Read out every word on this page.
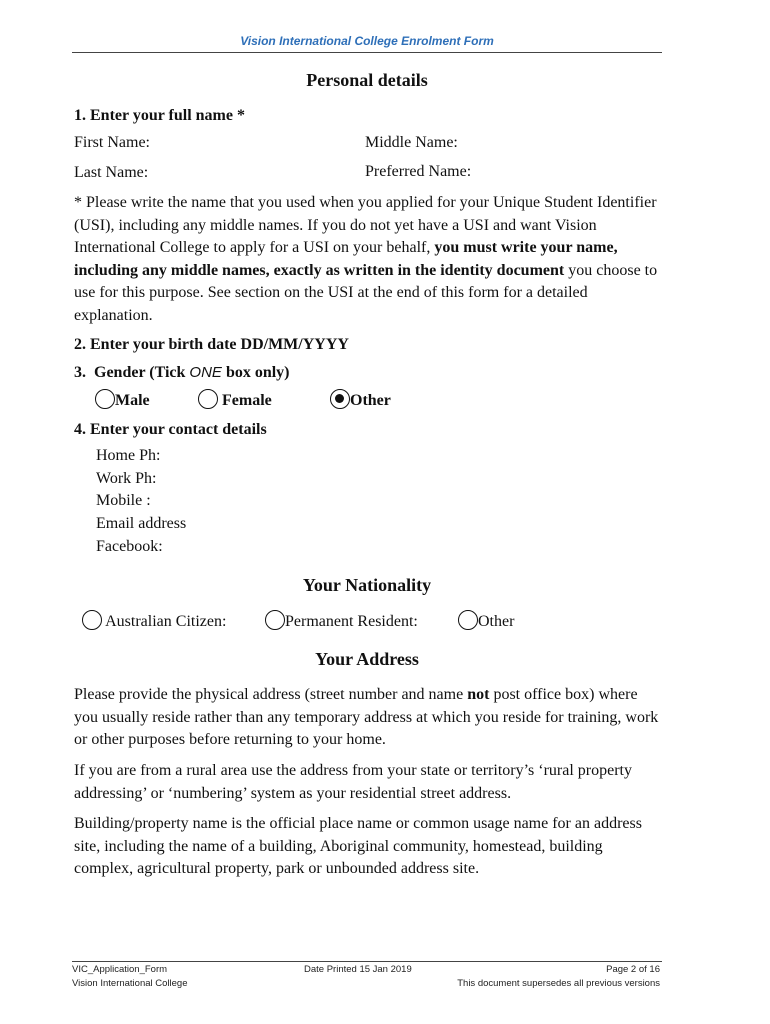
Vision International College Enrolment Form
Personal details
1. Enter your full name *
First Name:	Middle Name:
Last Name:	Preferred Name:
* Please write the name that you used when you applied for your Unique Student Identifier (USI), including any middle names. If you do not yet have a USI and want Vision International College to apply for a USI on your behalf, you must write your name, including any middle names, exactly as written in the identity document you choose to use for this purpose. See section on the USI at the end of this form for a detailed explanation.
2. Enter your birth date DD/MM/YYYY
3. Gender (Tick ONE box only)
Male	Female	Other
4. Enter your contact details
Home Ph:
Work Ph:
Mobile :
Email address
Facebook:
Your Nationality
Australian Citizen:	Permanent Resident:	Other
Your Address
Please provide the physical address (street number and name not post office box) where you usually reside rather than any temporary address at which you reside for training, work or other purposes before returning to your home.
If you are from a rural area use the address from your state or territory’s ‘rural property addressing’ or ‘numbering’ system as your residential street address.
Building/property name is the official place name or common usage name for an address site, including the name of a building, Aboriginal community, homestead, building complex, agricultural property, park or unbounded address site.
VIC_Application_Form
Vision International College
Date Printed 15 Jan 2019	Page 2 of 16
This document supersedes all previous versions
